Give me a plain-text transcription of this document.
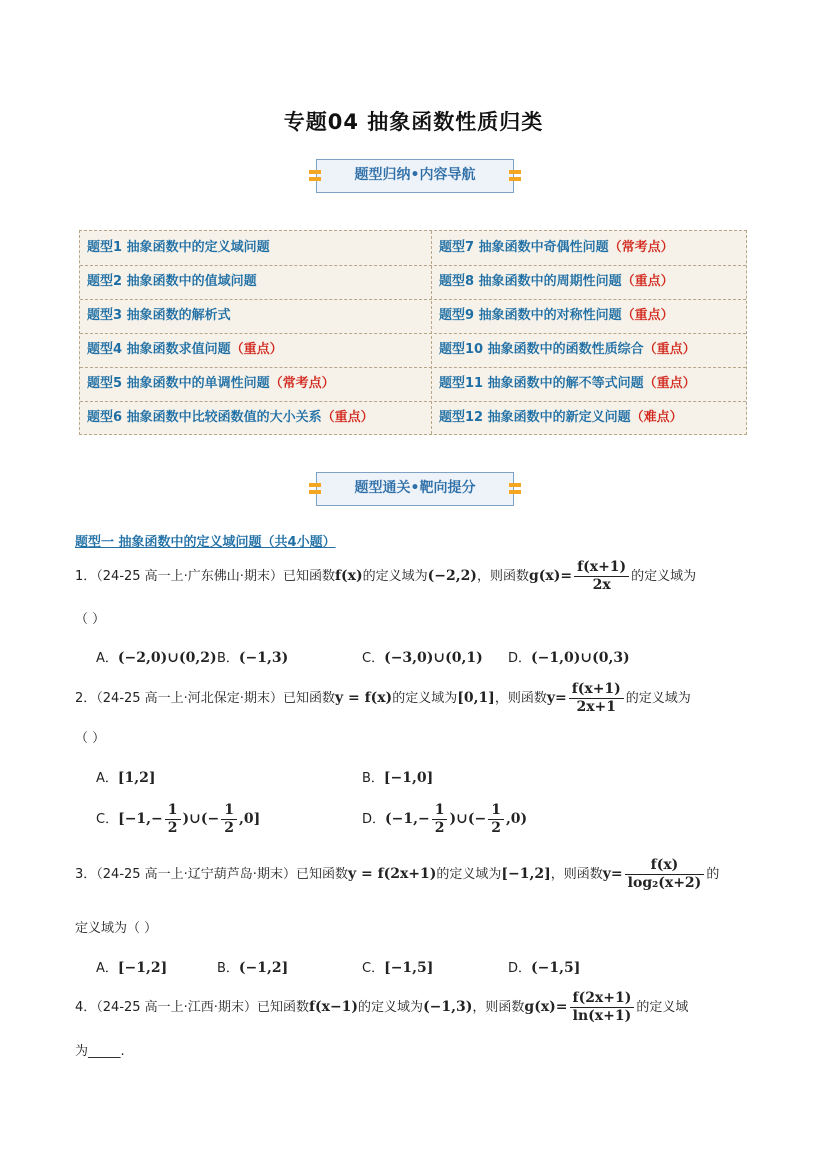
专题04 抽象函数性质归类
题型归纳•内容导航
题型1 抽象函数中的定义域问题	题型7 抽象函数中奇偶性问题（常考点）
题型2 抽象函数中的值域问题	题型8 抽象函数中的周期性问题（重点）
题型3 抽象函数的解析式	题型9 抽象函数中的对称性问题（重点）
题型4 抽象函数求值问题（重点）	题型10 抽象函数中的函数性质综合（重点）
题型5 抽象函数中的单调性问题（常考点）	题型11 抽象函数中的解不等式问题（重点）
题型6 抽象函数中比较函数值的大小关系（重点）	题型12 抽象函数中的新定义问题（难点）
题型通关•靶向提分
题型一 抽象函数中的定义域问题（共4小题）
1．（24-25 高一上·广东佛山·期末）已知函数f(x)的定义域为(−2,2)，则函数$g(x)= \frac{f(x+1)}{2x}$ 的定义域为
（ ）
A．(−2,0)∪(0,2) B．(−1,3)	C．(−3,0)∪(0,1) D．(−1,0)∪(0,3)
2．（24-25 高一上·河北保定·期末）已知函数y = f(x)的定义域为[0,1]，则函数$y= \frac{f(x+1)}{2x+1}$ 的定义域为
（ ）
A．[1,2]	B．[−1,0]
C．[$-1,- \frac{1}{2}$ )∪(− $\frac{1}{2} ,0$]	D．($-1,- \frac{1}{2}$ )∪(− $\frac{1}{2} ,0$)
3．（24-25 高一上·辽宁葫芦岛·期末）已知函数y = f(2x+1)的定义域为[−1,2]，则函数$y= \frac{f(x)}{\text{log₂(x+2)}}$ 的
定义域为（ ）
A．[−1,2]	B．(−1,2]	C．[−1,5]	D．(−1,5]
4．（24-25 高一上·江西·期末）已知函数f(x−1)的定义域为(−1,3)，则函数$g(x)= \frac{f(2x+1)}{\ln(x+1)}$ 的定义域
为_____.
